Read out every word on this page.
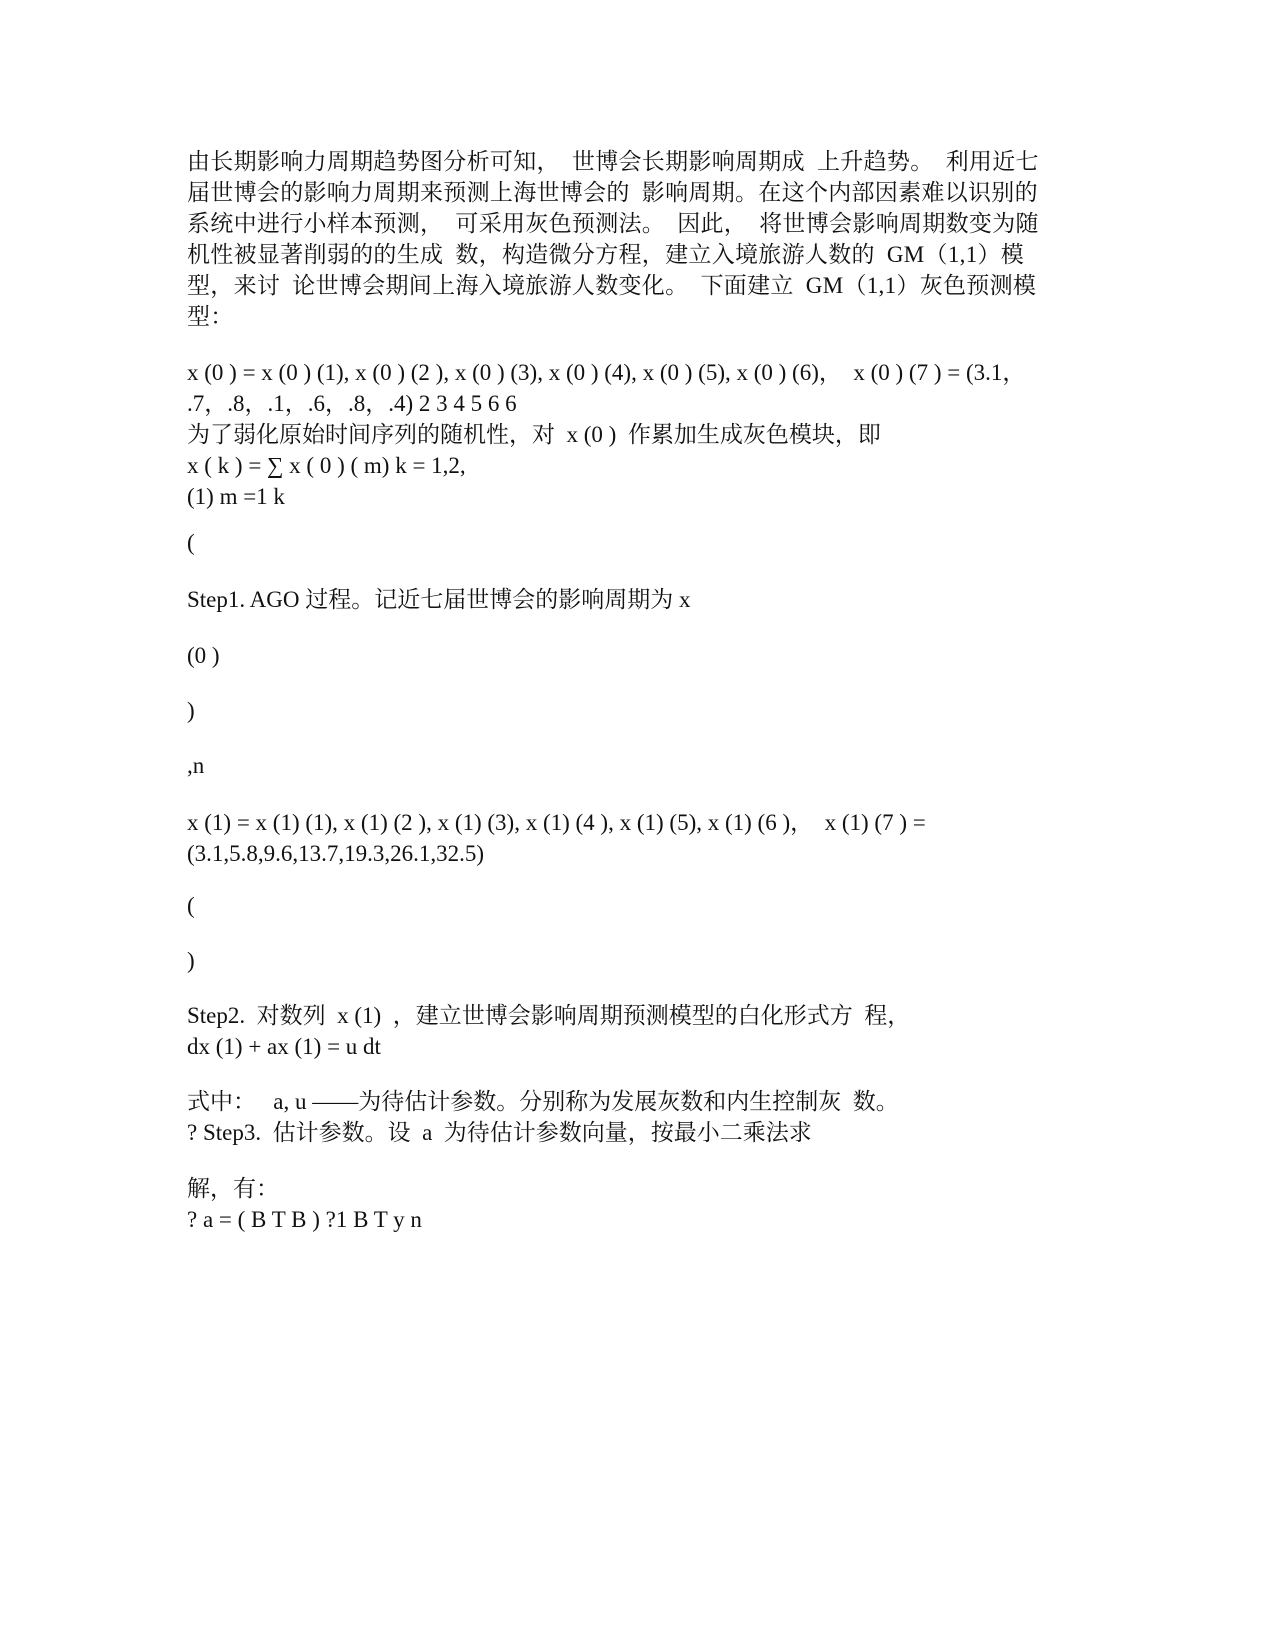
由长期影响力周期趋势图分析可知，  世博会长期影响周期成  上升趋势。  利用近七
届世博会的影响力周期来预测上海世博会的  影响周期。在这个内部因素难以识别的
系统中进行小样本预测，  可采用灰色预测法。  因此，  将世博会影响周期数变为随
机性被显著削弱的的生成  数，构造微分方程，建立入境旅游人数的  GM（1,1）模
型，来讨  论世博会期间上海入境旅游人数变化。  下面建立  GM（1,1）灰色预测模
型：
x (0 ) = x (0 ) (1), x (0 ) (2 ), x (0 ) (3), x (0 ) (4), x (0 ) (5), x (0 ) (6)，  x (0 ) (7 ) = (3.1，
.7，.8，.1，.6，.8，.4) 2 3 4 5 6 6
为了弱化原始时间序列的随机性，对  x (0 )  作累加生成灰色模块，即
x ( k ) = ∑ x ( 0 ) ( m) k = 1,2,
(1) m =1 k
(
Step1. AGO 过程。记近七届世博会的影响周期为 x
(0 )
)
,n
x (1) = x (1) (1), x (1) (2 ), x (1) (3), x (1) (4 ), x (1) (5), x (1) (6 )，  x (1) (7 ) =
(3.1,5.8,9.6,13.7,19.3,26.1,32.5)
(
)
Step2.  对数列  x (1)  ，建立世博会影响周期预测模型的白化形式方  程，
dx (1) + ax (1) = u dt
式中：   a, u ——为待估计参数。分别称为发展灰数和内生控制灰  数。
? Step3.  估计参数。设  a  为待估计参数向量，按最小二乘法求
解，有：
? a = ( B T B ) ?1 B T y n
